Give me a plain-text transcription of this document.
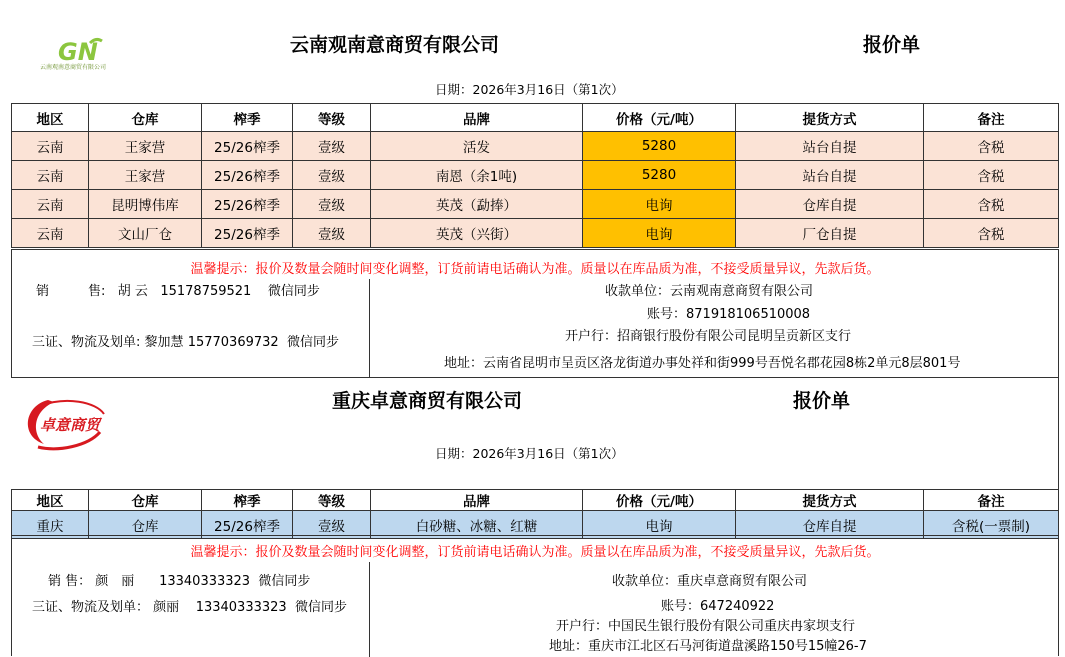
GN
云南观南意商贸有限公司
云南观南意商贸有限公司	报价单
日期：2026年3月16日（第1次）
地区	仓库	榨季	等级	品牌	价格（元/吨）	提货方式	备注
云南	王家营	25/26榨季	壹级	活发	5280	站台自提	含税
云南	王家营	25/26榨季	壹级	南恩（余1吨)	5280	站台自提	含税
云南	昆明博伟库	25/26榨季	壹级	英茂（勐捧）	电询	仓库自提	含税
云南	文山厂仓	25/26榨季	壹级	英茂（兴街）	电询	厂仓自提	含税
温馨提示：报价及数量会随时间变化调整，订货前请电话确认为准。质量以在库品质为准，不接受质量异议，先款后货。
销　　　售: 胡 云 15178759521 微信同步
三证、物流及划单: 黎加慧 15770369732 微信同步
收款单位：云南观南意商贸有限公司
账号：871918106510008
开户行：招商银行股份有限公司昆明呈贡新区支行
地址：云南省昆明市呈贡区洛龙街道办事处祥和街999号吾悦名郡花园8栋2单元8层801号
卓意商贸
重庆卓意商贸有限公司	报价单
日期：2026年3月16日（第1次）
地区	仓库	榨季	等级	品牌	价格（元/吨）	提货方式	备注
重庆	仓库	25/26榨季	壹级	白砂糖、冰糖、红糖	电询	仓库自提	含税(一票制)
温馨提示：报价及数量会随时间变化调整，订货前请电话确认为准。质量以在库品质为准，不接受质量异议，先款后货。
销 售： 颜　丽 13340333323 微信同步
三证、物流及划单： 颜丽 13340333323 微信同步
收款单位：重庆卓意商贸有限公司
账号：647240922
开户行：中国民生银行股份有限公司重庆冉家坝支行
地址：重庆市江北区石马河街道盘溪路150号15幢26-7
